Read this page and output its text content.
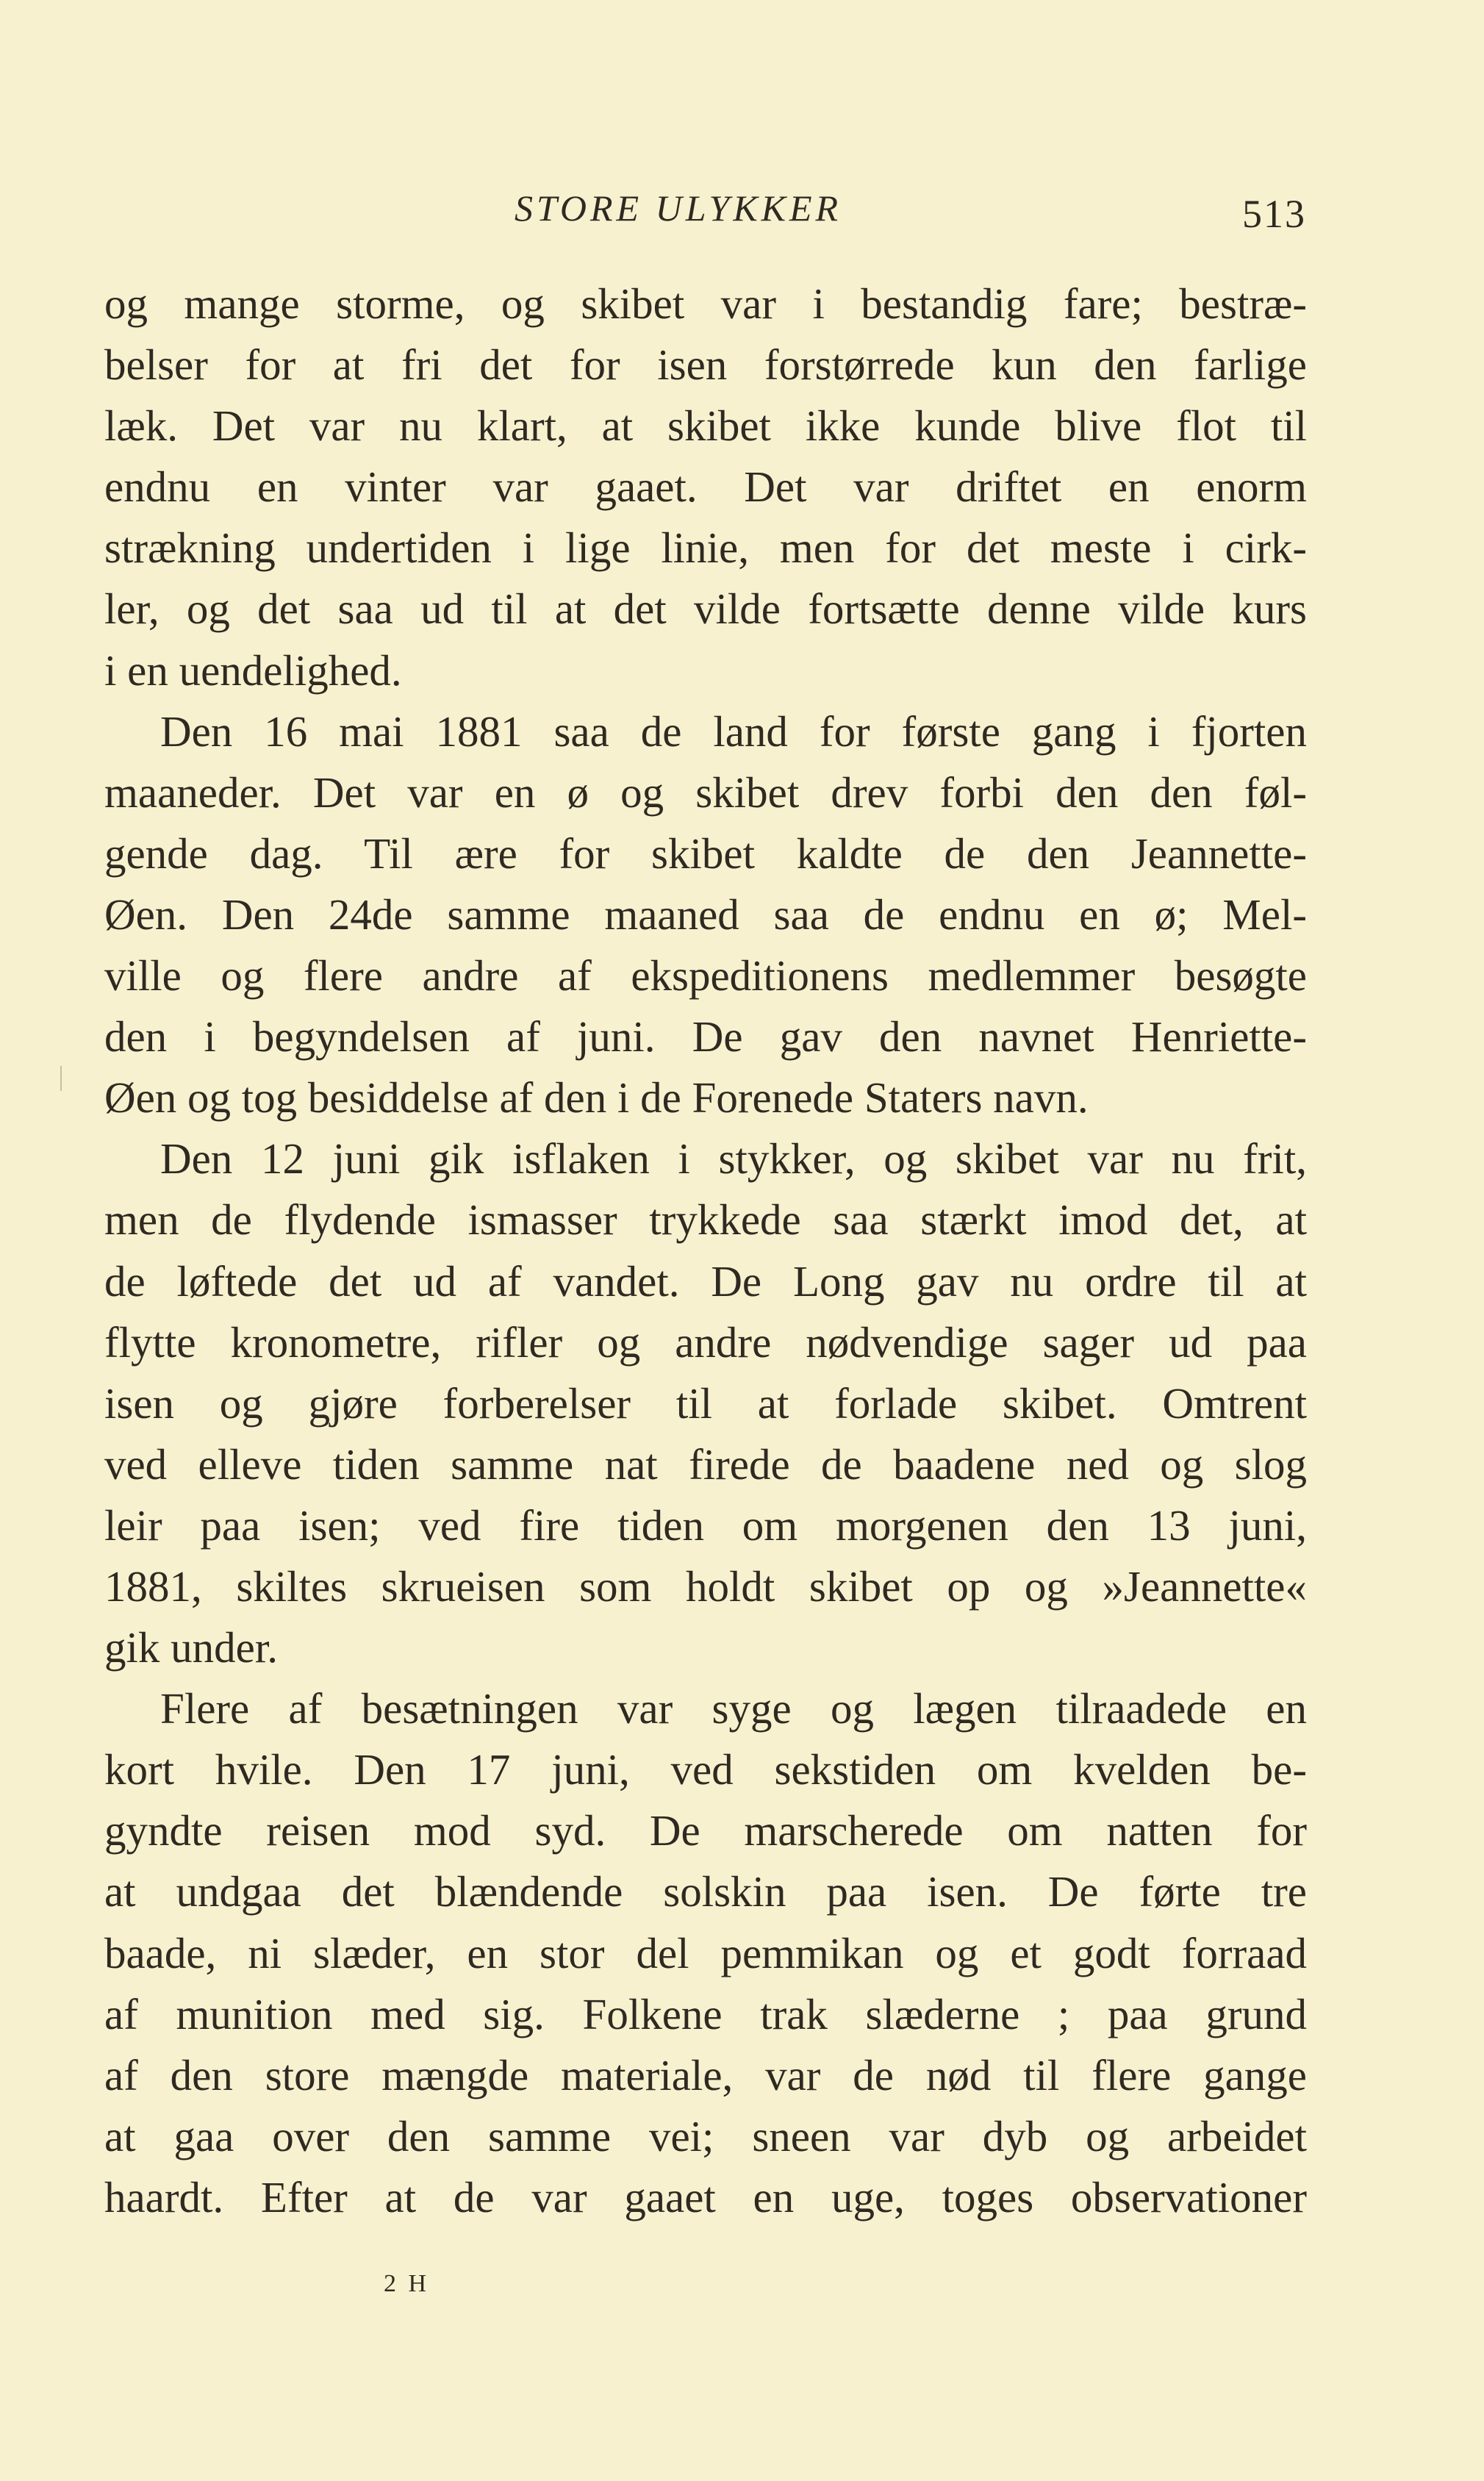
STORE ULYKKER	513
og mange storme, og skibet var i bestandig fare; bestræ-
belser for at fri det for isen forstørrede kun den farlige
læk. Det var nu klart, at skibet ikke kunde blive flot til
endnu en vinter var gaaet. Det var driftet en enorm
strækning undertiden i lige linie, men for det meste i cirk-
ler, og det saa ud til at det vilde fortsætte denne vilde kurs
i en uendelighed.
Den 16 mai 1881 saa de land for første gang i fjorten
maaneder. Det var en ø og skibet drev forbi den den føl-
gende dag. Til ære for skibet kaldte de den Jeannette-
Øen. Den 24de samme maaned saa de endnu en ø; Mel-
ville og flere andre af ekspeditionens medlemmer besøgte
den i begyndelsen af juni. De gav den navnet Henriette-
Øen og tog besiddelse af den i de Forenede Staters navn.
Den 12 juni gik isflaken i stykker, og skibet var nu frit,
men de flydende ismasser trykkede saa stærkt imod det, at
de løftede det ud af vandet. De Long gav nu ordre til at
flytte kronometre, rifler og andre nødvendige sager ud paa
isen og gjøre forberelser til at forlade skibet. Omtrent
ved elleve tiden samme nat firede de baadene ned og slog
leir paa isen; ved fire tiden om morgenen den 13 juni,
1881, skiltes skrueisen som holdt skibet op og »Jeannette«
gik under.
Flere af besætningen var syge og lægen tilraadede en
kort hvile. Den 17 juni, ved sekstiden om kvelden be-
gyndte reisen mod syd. De marscherede om natten for
at undgaa det blændende solskin paa isen. De førte tre
baade, ni slæder, en stor del pemmikan og et godt forraad
af munition med sig. Folkene trak slæderne ; paa grund
af den store mængde materiale, var de nød til flere gange
at gaa over den samme vei; sneen var dyb og arbeidet
haardt. Efter at de var gaaet en uge, toges observationer
2 H
